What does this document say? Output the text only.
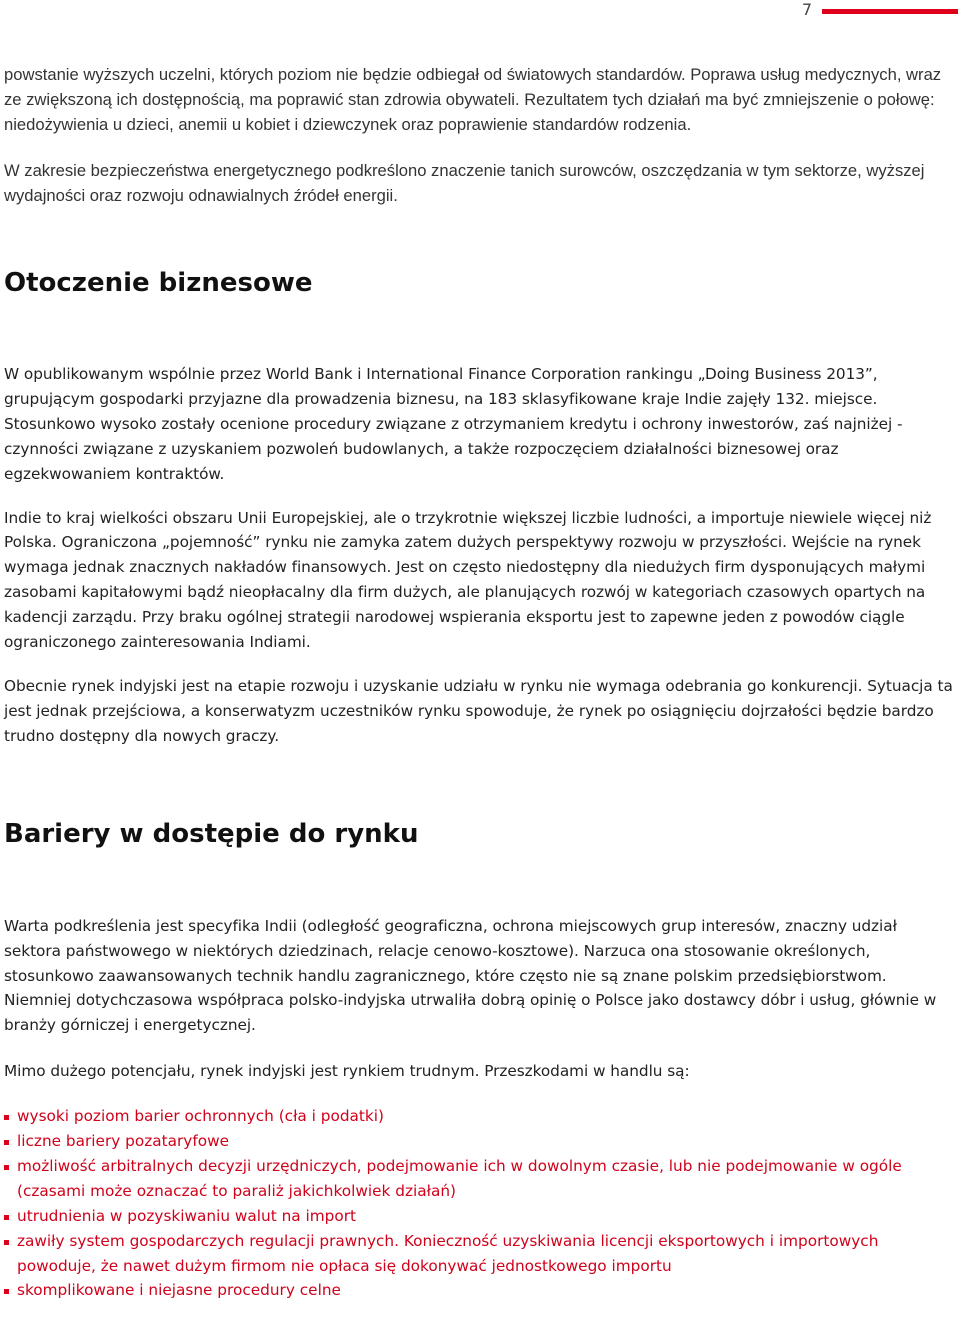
7

powstanie wyższych uczelni, których poziom nie będzie odbiegał od światowych standardów. Poprawa usług medycznych, wraz ze zwiększoną ich dostępnością, ma poprawić stan zdrowia obywateli. Rezultatem tych działań ma być zmniejszenie o połowę: niedożywienia u dzieci, anemii u kobiet i dziewczynek oraz poprawienie standardów rodzenia.

W zakresie bezpieczeństwa energetycznego podkreślono znaczenie tanich surowców, oszczędzania w tym sektorze, wyższej wydajności oraz rozwoju odnawialnych źródeł energii.

Otoczenie biznesowe

W opublikowanym wspólnie przez World Bank i International Finance Corporation rankingu „Doing Business 2013”, grupującym gospodarki przyjazne dla prowadzenia biznesu, na 183 sklasyfikowane kraje Indie zajęły 132. miejsce. Stosunkowo wysoko zostały ocenione procedury związane z otrzymaniem kredytu i ochrony inwestorów, zaś najniżej - czynności związane z uzyskaniem pozwoleń budowlanych, a także rozpoczęciem działalności biznesowej oraz egzekwowaniem kontraktów.

Indie to kraj wielkości obszaru Unii Europejskiej, ale o trzykrotnie większej liczbie ludności, a importuje niewiele więcej niż Polska. Ograniczona „pojemność” rynku nie zamyka zatem dużych perspektywy rozwoju w przyszłości. Wejście na rynek wymaga jednak znacznych nakładów finansowych. Jest on często niedostępny dla niedużych firm dysponujących małymi zasobami kapitałowymi bądź nieopłacalny dla firm dużych, ale planujących rozwój w kategoriach czasowych opartych na kadencji zarządu. Przy braku ogólnej strategii narodowej wspierania eksportu jest to zapewne jeden z powodów ciągle ograniczonego zainteresowania Indiami.

Obecnie rynek indyjski jest na etapie rozwoju i uzyskanie udziału w rynku nie wymaga odebrania go konkurencji. Sytuacja ta jest jednak przejściowa, a konserwatyzm uczestników rynku spowoduje, że rynek po osiągnięciu dojrzałości będzie bardzo trudno dostępny dla nowych graczy.

Bariery w dostępie do rynku

Warta podkreślenia jest specyfika Indii (odległość geograficzna, ochrona miejscowych grup interesów, znaczny udział sektora państwowego w niektórych dziedzinach, relacje cenowo-kosztowe). Narzuca ona stosowanie określonych, stosunkowo zaawansowanych technik handlu zagranicznego, które często nie są znane polskim przedsiębiorstwom. Niemniej dotychczasowa współpraca polsko-indyjska utrwaliła dobrą opinię o Polsce jako dostawcy dóbr i usług, głównie w branży górniczej i energetycznej.

Mimo dużego potencjału, rynek indyjski jest rynkiem trudnym. Przeszkodami w handlu są:

wysoki poziom barier ochronnych (cła i podatki)
liczne bariery pozataryfowe
możliwość arbitralnych decyzji urzędniczych, podejmowanie ich w dowolnym czasie, lub nie podejmowanie w ogóle (czasami może oznaczać to paraliż jakichkolwiek działań)
utrudnienia w pozyskiwaniu walut na import
zawiły system gospodarczych regulacji prawnych. Konieczność uzyskiwania licencji eksportowych i importowych powoduje, że nawet dużym firmom nie opłaca się dokonywać jednostkowego importu
skomplikowane i niejasne procedury celne
